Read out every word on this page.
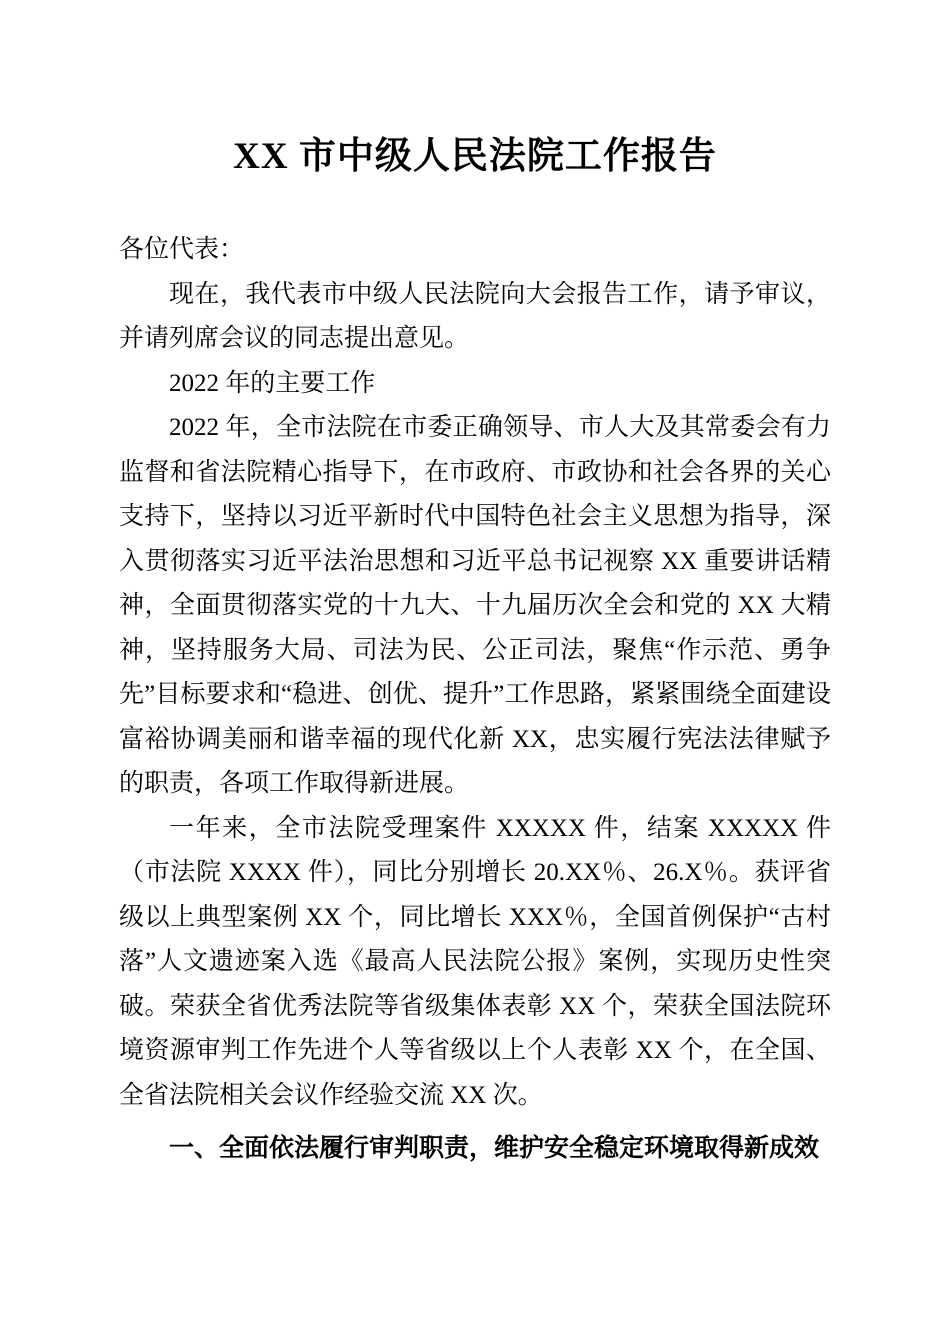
XX 市中级人民法院工作报告

各位代表：

现在，我代表市中级人民法院向大会报告工作，请予审议，并请列席会议的同志提出意见。

2022 年的主要工作

2022 年，全市法院在市委正确领导、市人大及其常委会有力监督和省法院精心指导下，在市政府、市政协和社会各界的关心支持下，坚持以习近平新时代中国特色社会主义思想为指导，深入贯彻落实习近平法治思想和习近平总书记视察 XX 重要讲话精神，全面贯彻落实党的十九大、十九届历次全会和党的 XX 大精神，坚持服务大局、司法为民、公正司法，聚焦“作示范、勇争先”目标要求和“稳进、创优、提升”工作思路，紧紧围绕全面建设富裕协调美丽和谐幸福的现代化新 XX，忠实履行宪法法律赋予的职责，各项工作取得新进展。

一年来，全市法院受理案件 XXXXX 件，结案 XXXXX 件（市法院 XXXX 件），同比分别增长 20.XX％、26.X％。获评省级以上典型案例 XX 个，同比增长 XXX％，全国首例保护“古村落”人文遗迹案入选《最高人民法院公报》案例，实现历史性突破。荣获全省优秀法院等省级集体表彰 XX 个，荣获全国法院环境资源审判工作先进个人等省级以上个人表彰 XX 个，在全国、全省法院相关会议作经验交流 XX 次。

一、全面依法履行审判职责，维护安全稳定环境取得新成效
